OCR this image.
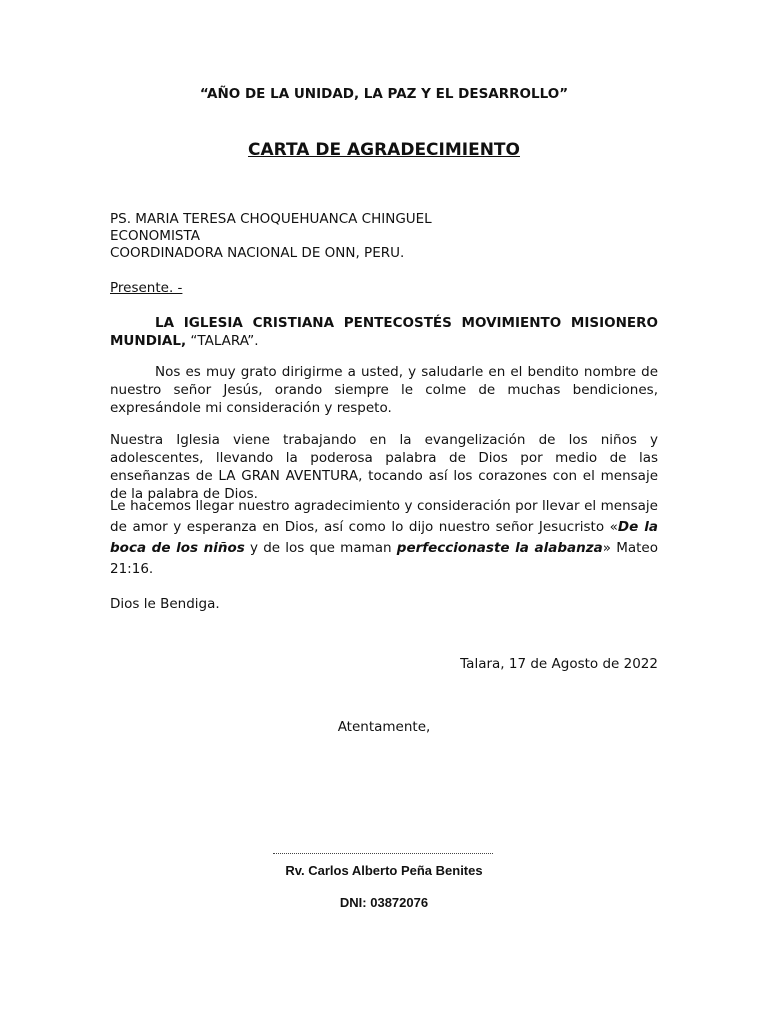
“AÑO DE LA UNIDAD, LA PAZ Y EL DESARROLLO”

CARTA DE AGRADECIMIENTO

PS. MARIA TERESA CHOQUEHUANCA CHINGUEL

ECONOMISTA

COORDINADORA NACIONAL DE ONN, PERU.

Presente. -

LA IGLESIA CRISTIANA PENTECOSTÉS MOVIMIENTO MISIONERO MUNDIAL, “TALARA”.

Nos es muy grato dirigirme a usted, y saludarle en el bendito nombre de nuestro señor Jesús, orando siempre le colme de muchas bendiciones, expresándole mi consideración y respeto.

Nuestra Iglesia viene trabajando en la evangelización de los niños y adolescentes, llevando la poderosa palabra de Dios por medio de las enseñanzas de LA GRAN AVENTURA, tocando así los corazones con el mensaje de la palabra de Dios.

Le hacemos llegar nuestro agradecimiento y consideración por llevar el mensaje de amor y esperanza en Dios, así como lo dijo nuestro señor Jesucristo «De la boca de los niños y de los que maman perfeccionaste la alabanza» Mateo 21:16.

Dios le Bendiga.

Talara, 17 de Agosto de 2022

Atentamente,

Rv. Carlos Alberto Peña Benites

DNI: 03872076
